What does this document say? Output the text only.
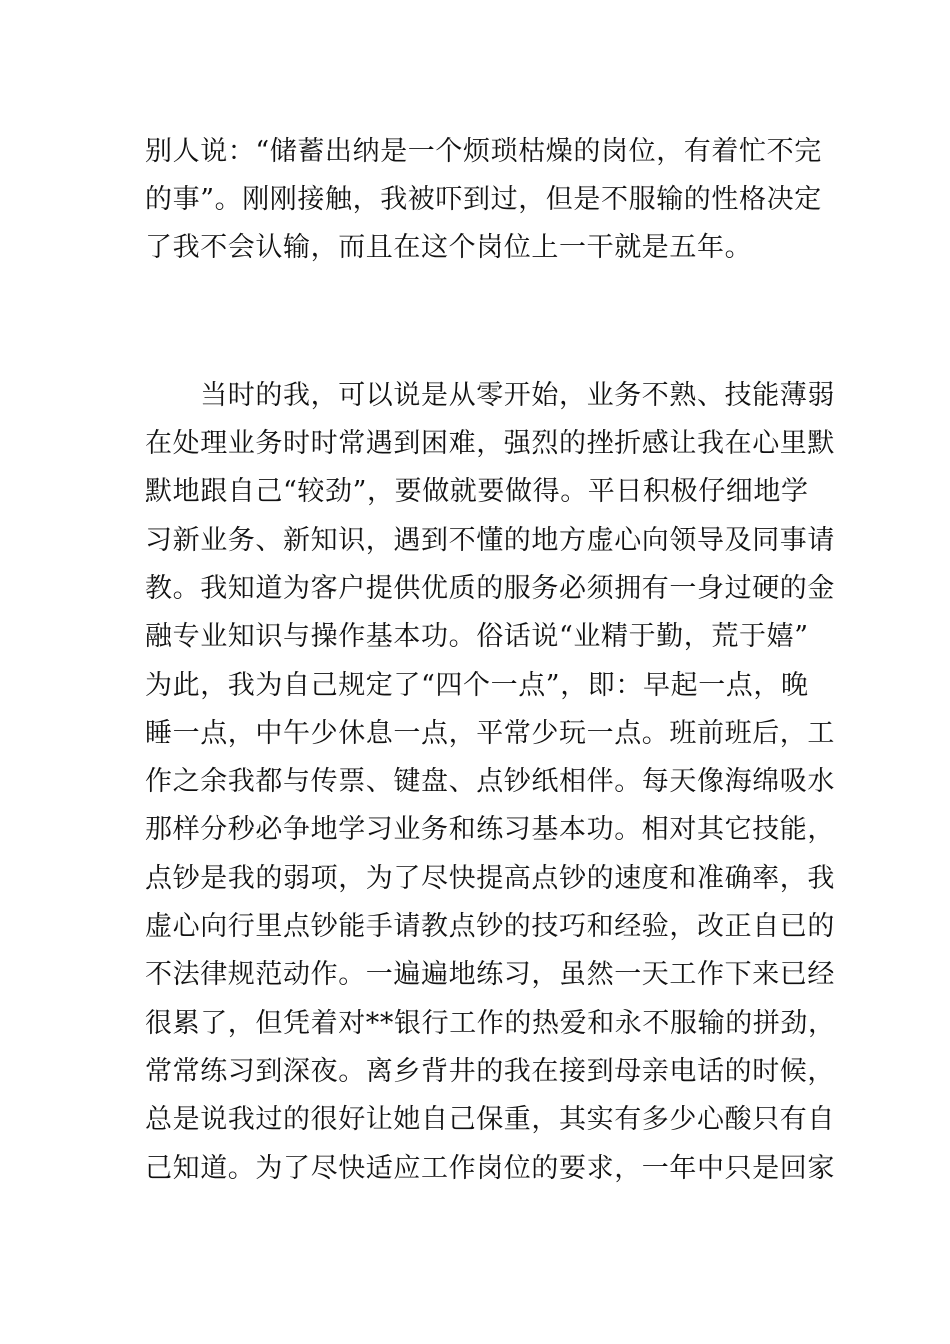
别人说：“储蓄出纳是一个烦琐枯燥的岗位，有着忙不完
的事”。刚刚接触，我被吓到过，但是不服输的性格决定
了我不会认输，而且在这个岗位上一干就是五年。
　　当时的我，可以说是从零开始，业务不熟、技能薄弱
在处理业务时时常遇到困难，强烈的挫折感让我在心里默
默地跟自己“较劲”，要做就要做得。平日积极仔细地学
习新业务、新知识，遇到不懂的地方虚心向领导及同事请
教。我知道为客户提供优质的服务必须拥有一身过硬的金
融专业知识与操作基本功。俗话说“业精于勤，荒于嬉”
为此，我为自己规定了“四个一点”，即：早起一点，晚
睡一点，中午少休息一点，平常少玩一点。班前班后，工
作之余我都与传票、键盘、点钞纸相伴。每天像海绵吸水
那样分秒必争地学习业务和练习基本功。相对其它技能，
点钞是我的弱项，为了尽快提高点钞的速度和准确率，我
虚心向行里点钞能手请教点钞的技巧和经验，改正自已的
不法律规范动作。一遍遍地练习，虽然一天工作下来已经
很累了，但凭着对**银行工作的热爱和永不服输的拼劲，
常常练习到深夜。离乡背井的我在接到母亲电话的时候，
总是说我过的很好让她自己保重，其实有多少心酸只有自
己知道。为了尽快适应工作岗位的要求，一年中只是回家
